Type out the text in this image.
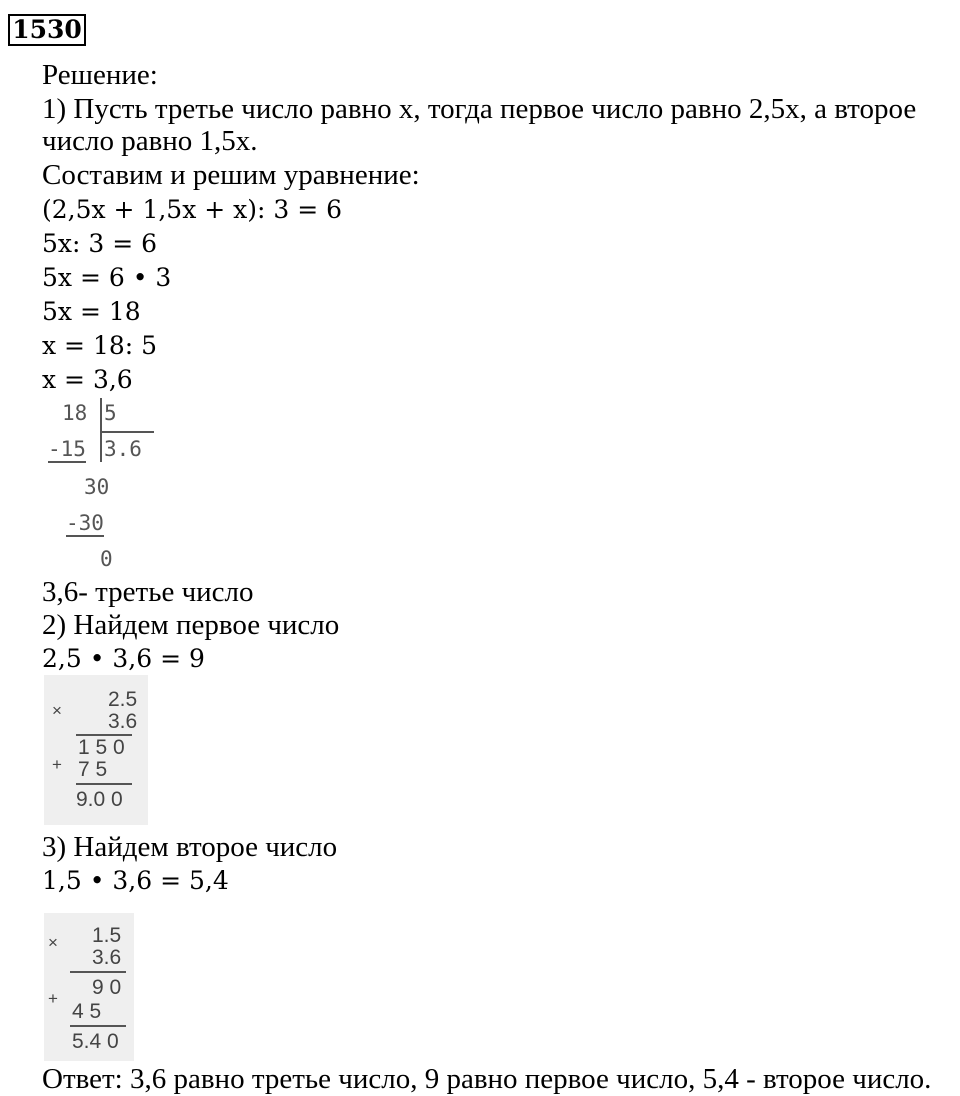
1530
Решение:
1) Пусть третье число равно x, тогда первое число равно 2,5x, а второе
число равно 1,5x.
Составим и решим уравнение:
(2,5x + 1,5x + x): 3 = 6
5x: 3 = 6
5x = 6 • 3
5x = 18
x = 18: 5
x = 3,6
18 5
-15 3.6
30
-30
0
3,6- третье число
2) Найдем первое число
2,5 • 3,6 = 9
× 2.5
3.6
+
1 5 0
7 5
9.0 0
3) Найдем второе число
1,5 • 3,6 = 5,4
× 1.5
3.6
+ 9 0
4 5
5.4 0
Ответ: 3,6 равно третье число, 9 равно первое число, 5,4 - второе число.
